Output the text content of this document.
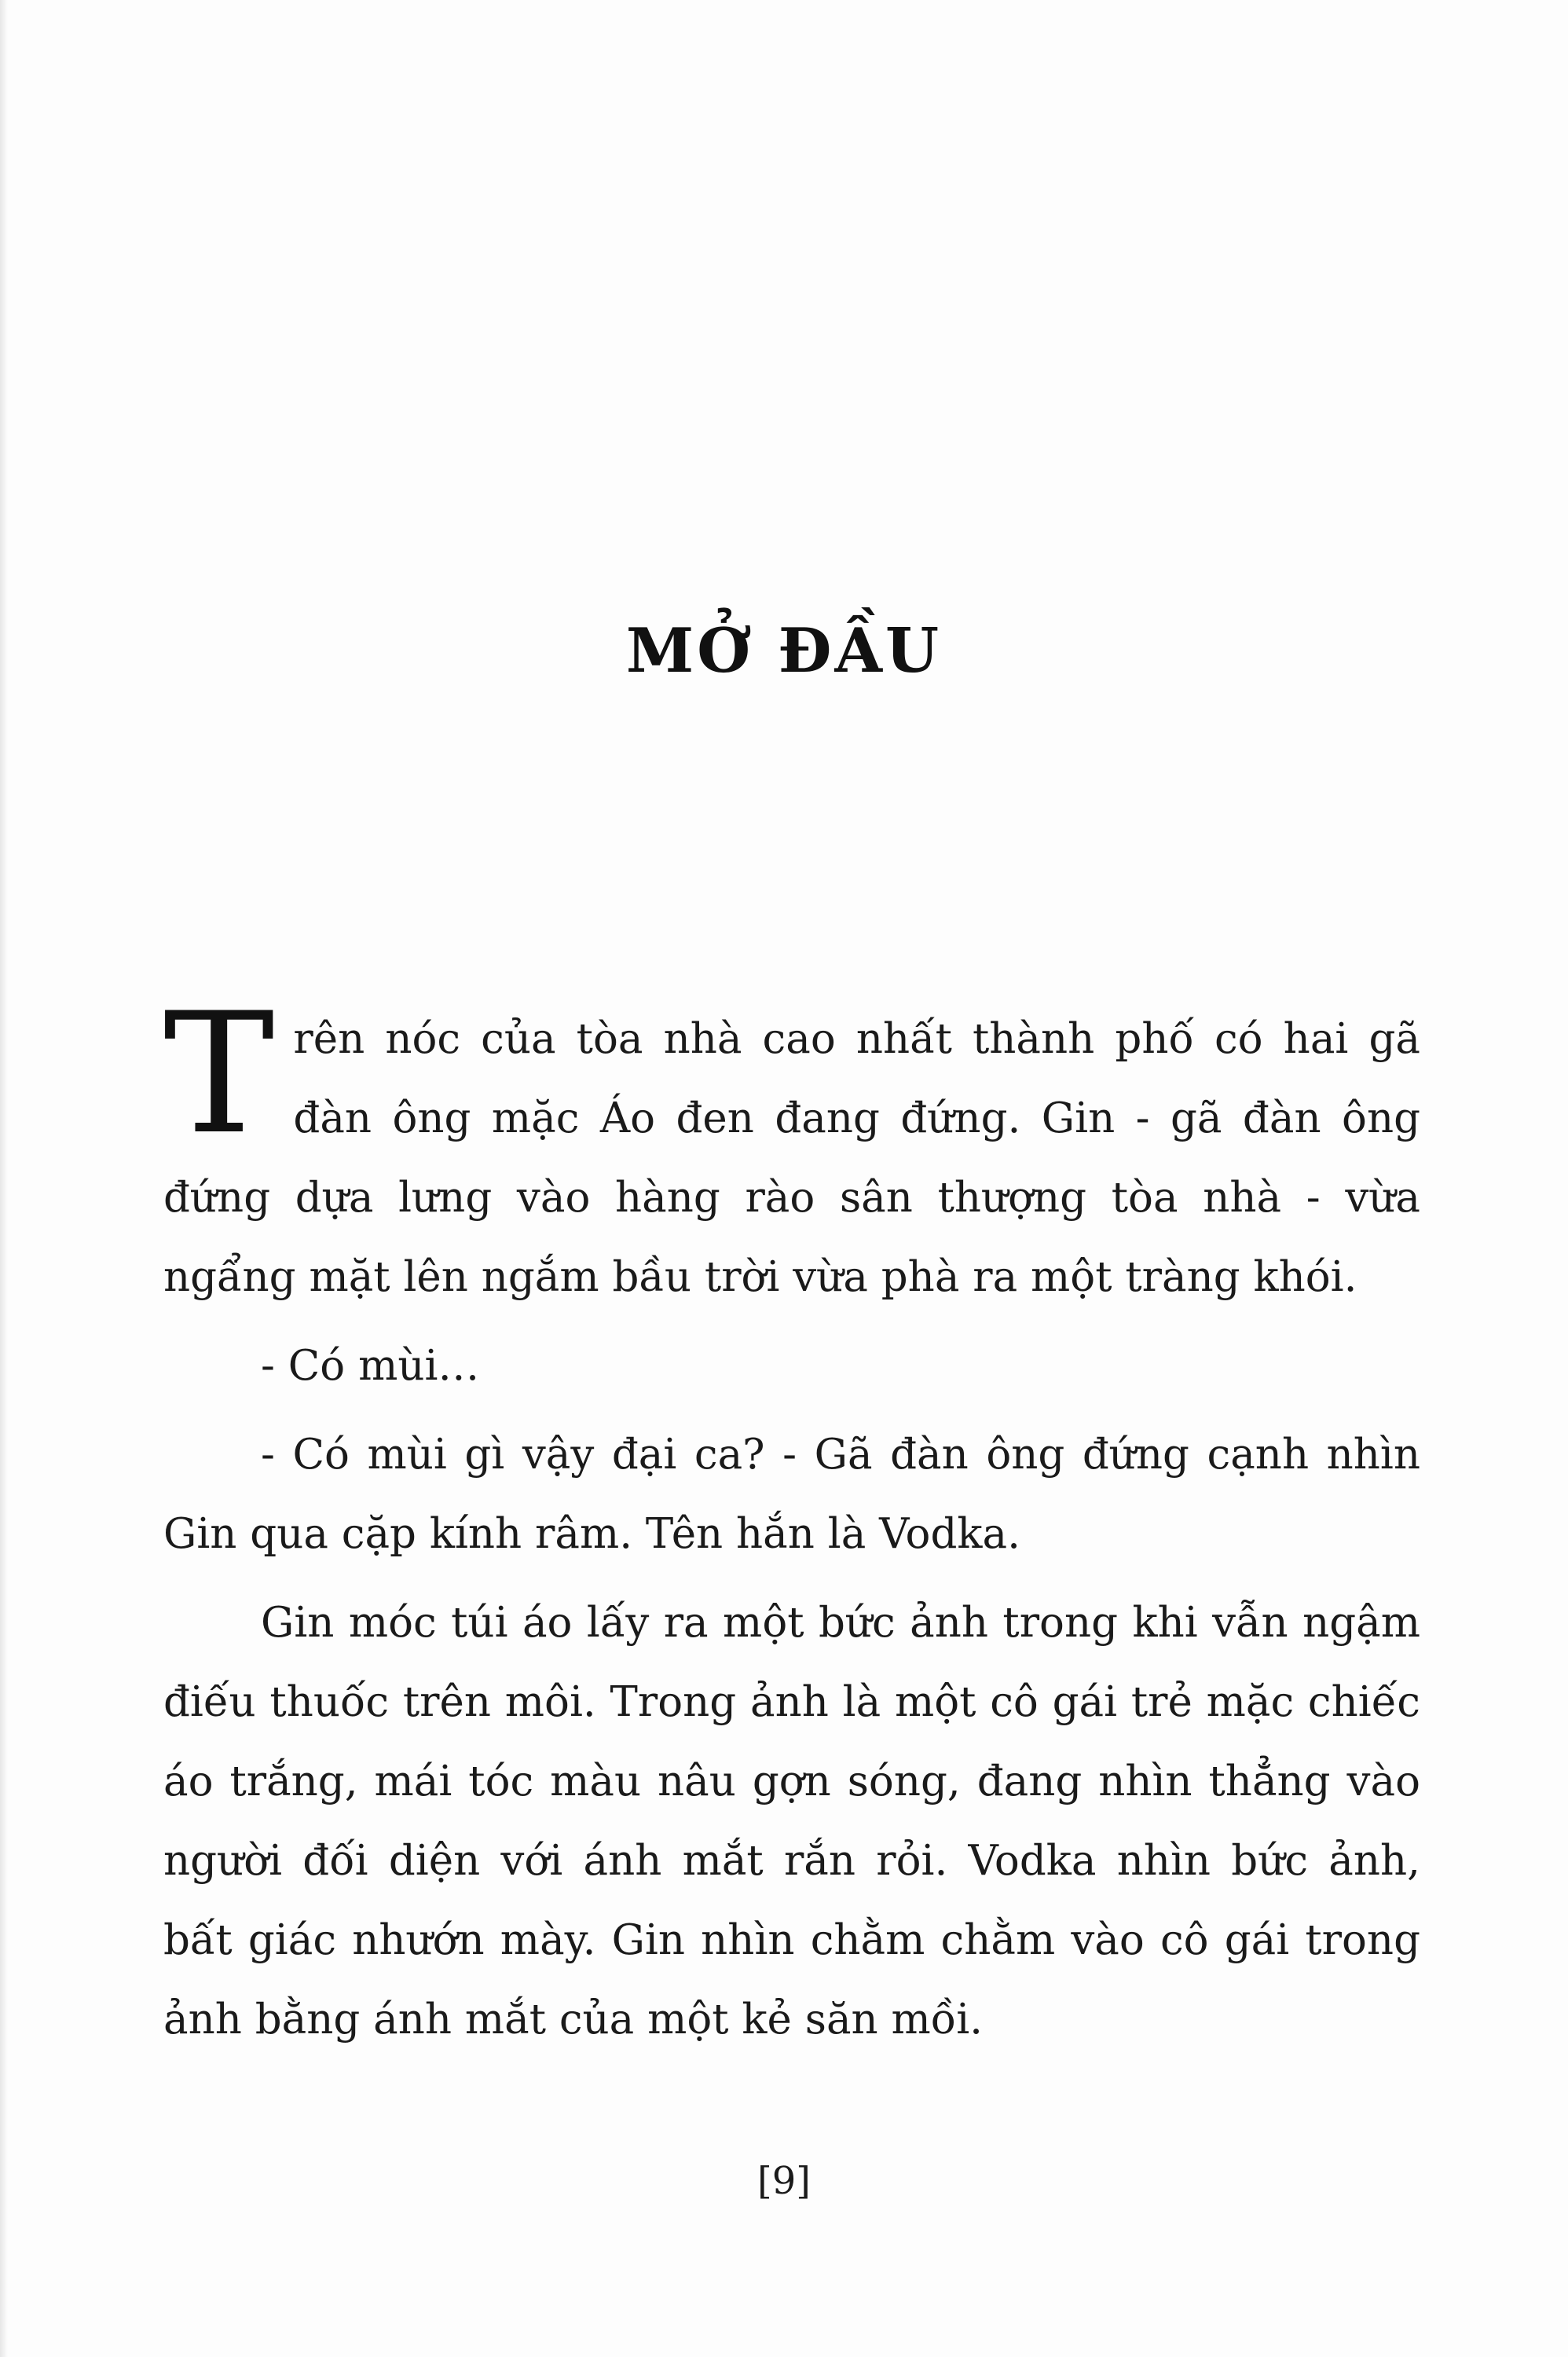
MỞ ĐẦU

Trên nóc của tòa nhà cao nhất thành phố có hai gã đàn ông mặc Áo đen đang đứng. Gin - gã đàn ông đứng dựa lưng vào hàng rào sân thượng tòa nhà - vừa ngẩng mặt lên ngắm bầu trời vừa phà ra một tràng khói.

- Có mùi…

- Có mùi gì vậy đại ca? - Gã đàn ông đứng cạnh nhìn Gin qua cặp kính râm. Tên hắn là Vodka.

Gin móc túi áo lấy ra một bức ảnh trong khi vẫn ngậm điếu thuốc trên môi. Trong ảnh là một cô gái trẻ mặc chiếc áo trắng, mái tóc màu nâu gợn sóng, đang nhìn thẳng vào người đối diện với ánh mắt rắn rỏi. Vodka nhìn bức ảnh, bất giác nhướn mày. Gin nhìn chằm chằm vào cô gái trong ảnh bằng ánh mắt của một kẻ săn mồi.

[9]
